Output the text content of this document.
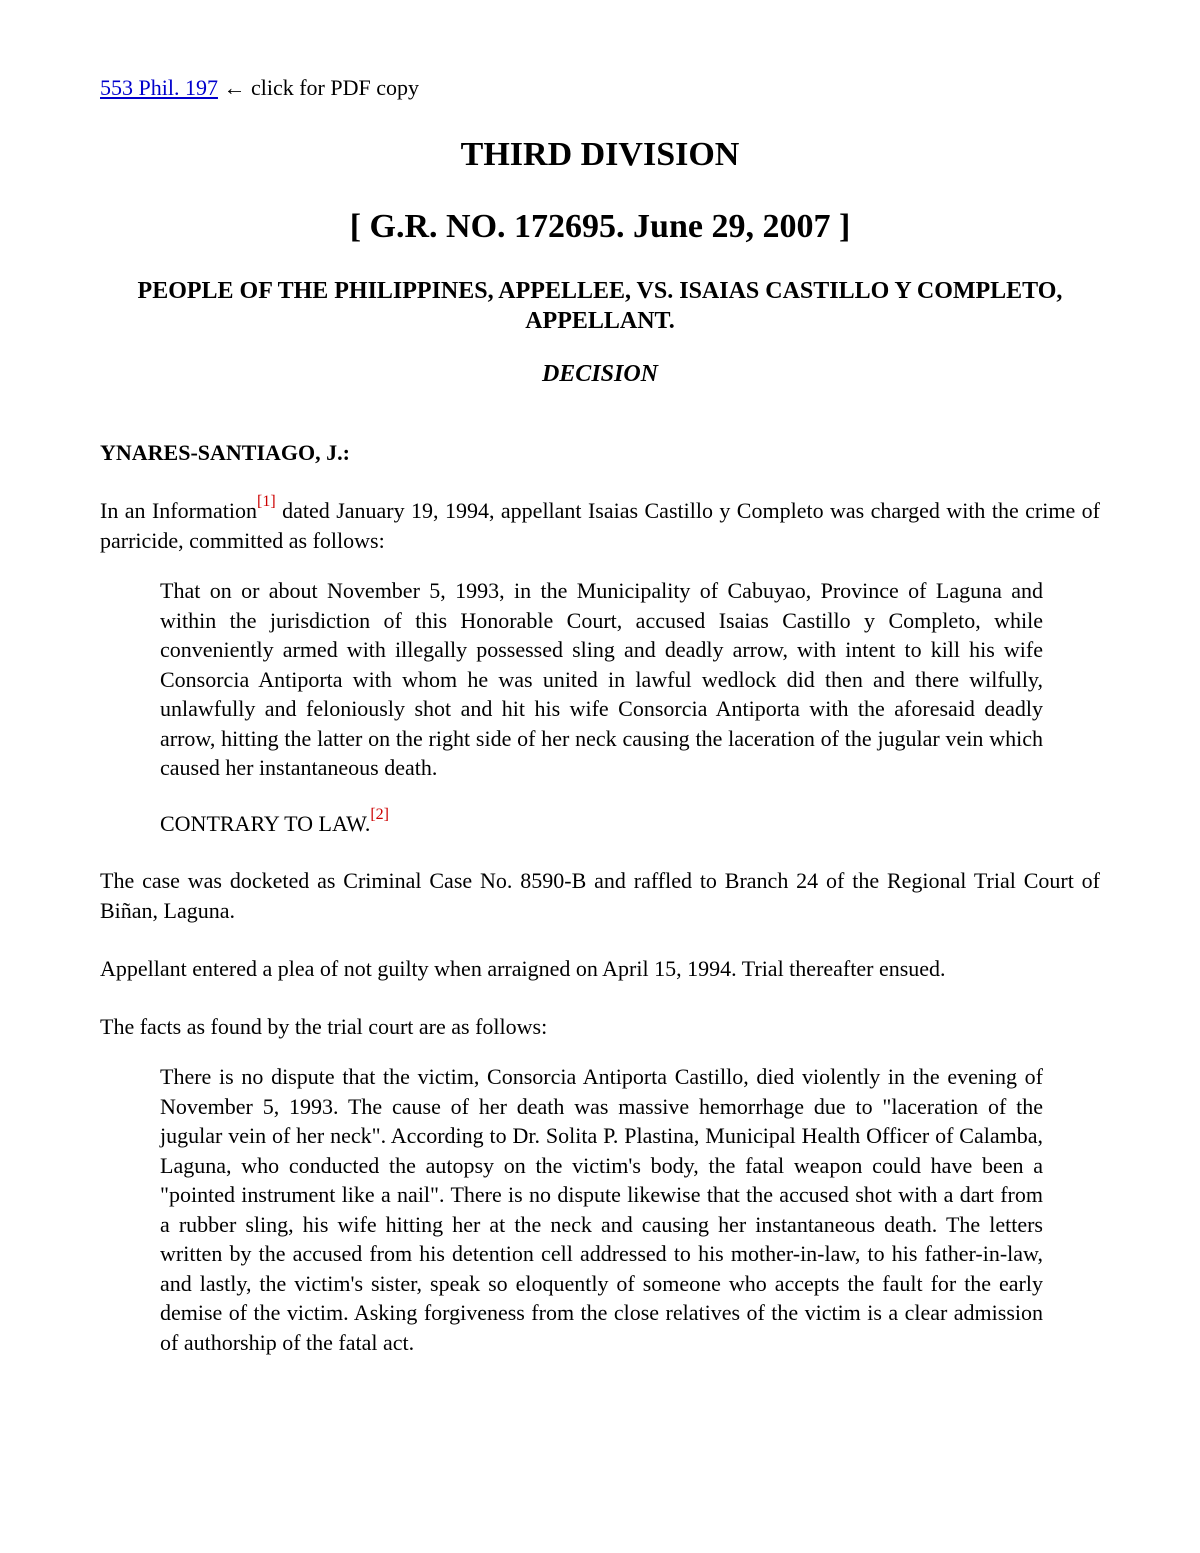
553 Phil. 197 ← click for PDF copy

THIRD DIVISION
[ G.R. NO. 172695. June 29, 2007 ]
PEOPLE OF THE PHILIPPINES, APPELLEE, VS. ISAIAS CASTILLO Y COMPLETO, APPELLANT.
DECISION
YNARES-SANTIAGO, J.:

In an Information[1] dated January 19, 1994, appellant Isaias Castillo y Completo was charged with the crime of parricide, committed as follows:

That on or about November 5, 1993, in the Municipality of Cabuyao, Province of Laguna and within the jurisdiction of this Honorable Court, accused Isaias Castillo y Completo, while conveniently armed with illegally possessed sling and deadly arrow, with intent to kill his wife Consorcia Antiporta with whom he was united in lawful wedlock did then and there wilfully, unlawfully and feloniously shot and hit his wife Consorcia Antiporta with the aforesaid deadly arrow, hitting the latter on the right side of her neck causing the laceration of the jugular vein which caused her instantaneous death.

CONTRARY TO LAW.[2]

The case was docketed as Criminal Case No. 8590-B and raffled to Branch 24 of the Regional Trial Court of Biñan, Laguna.

Appellant entered a plea of not guilty when arraigned on April 15, 1994. Trial thereafter ensued.

The facts as found by the trial court are as follows:

There is no dispute that the victim, Consorcia Antiporta Castillo, died violently in the evening of November 5, 1993. The cause of her death was massive hemorrhage due to "laceration of the jugular vein of her neck". According to Dr. Solita P. Plastina, Municipal Health Officer of Calamba, Laguna, who conducted the autopsy on the victim's body, the fatal weapon could have been a "pointed instrument like a nail". There is no dispute likewise that the accused shot with a dart from a rubber sling, his wife hitting her at the neck and causing her instantaneous death. The letters written by the accused from his detention cell addressed to his mother-in-law, to his father-in-law, and lastly, the victim's sister, speak so eloquently of someone who accepts the fault for the early demise of the victim. Asking forgiveness from the close relatives of the victim is a clear admission of authorship of the fatal act.
